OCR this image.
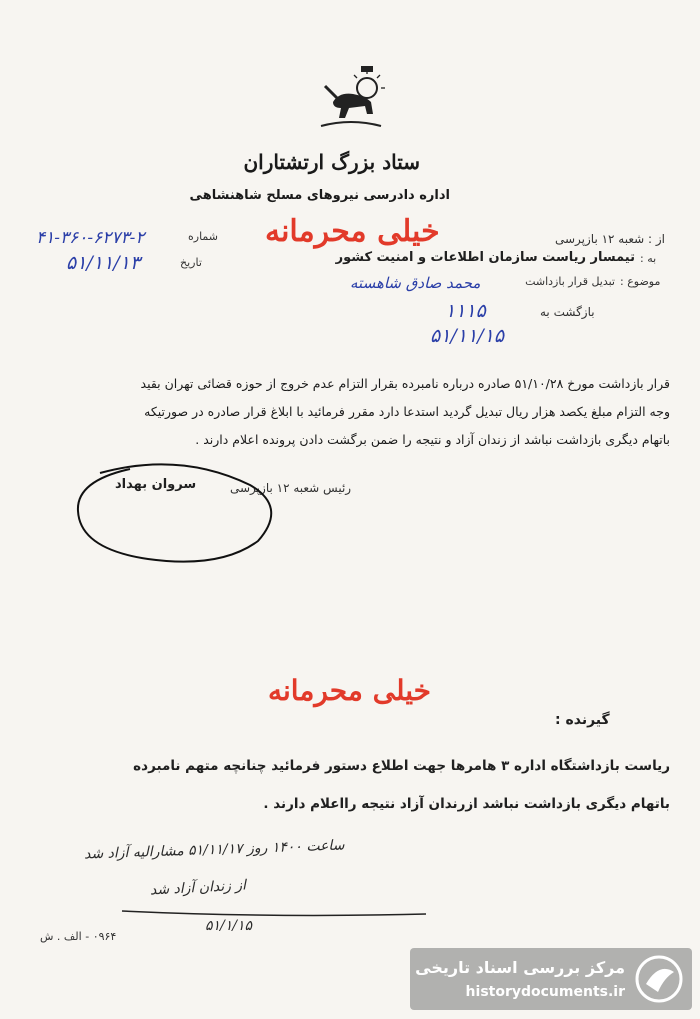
ستاد بزرگ ارتشتاران
اداره دادرسی نیروهای مسلح شاهنشاهی
خیلی محرمانه	از : شعبه ۱۲ بازپرسی
شماره
۴۱-۳۶۰-۶۲۷۳-۲
تاریخ
۵۱/۱۱/۱۳	به :
تیمسار ریاست سازمان اطلاعات و امنیت کشور
موضوع :
تبدیل قرار بازداشت
محمد صادق شاهسته
بازگشت به
۱۱۱۵
۵۱/۱۱/۱۵
قرار بازداشت مورخ ۵۱/۱۰/۲۸ صادره درباره نامبرده بقرار التزام عدم خروج از حوزه قضائی تهران بقید
وجه التزام مبلغ یکصد هزار ریال تبدیل گردید استدعا دارد مقرر فرمائید با ابلاغ قرار صادره در صورتیکه
باتهام دیگری بازداشت نباشد از زندان آزاد و نتیجه را ضمن برگشت دادن پرونده اعلام دارند .
رئیس شعبه ۱۲ بازپرسی
سروان بهداد
خیلی محرمانه
گیرنده :
ریاست بازداشتگاه اداره ۳ هامرها جهت اطلاع دستور فرمائید چنانچه متهم نامبرده
باتهام دیگری بازداشت نباشد ازرندان آزاد نتیجه رااعلام دارند .
ساعت ۱۴۰۰ روز ۵۱/۱۱/۱۷ مشارالیه آزاد شد
از زندان آزاد شد
۵۱/۱/۱۵
۰۹۶۴ - الف . ش
مرکز بررسی اسناد تاریخی
historydocuments.ir
